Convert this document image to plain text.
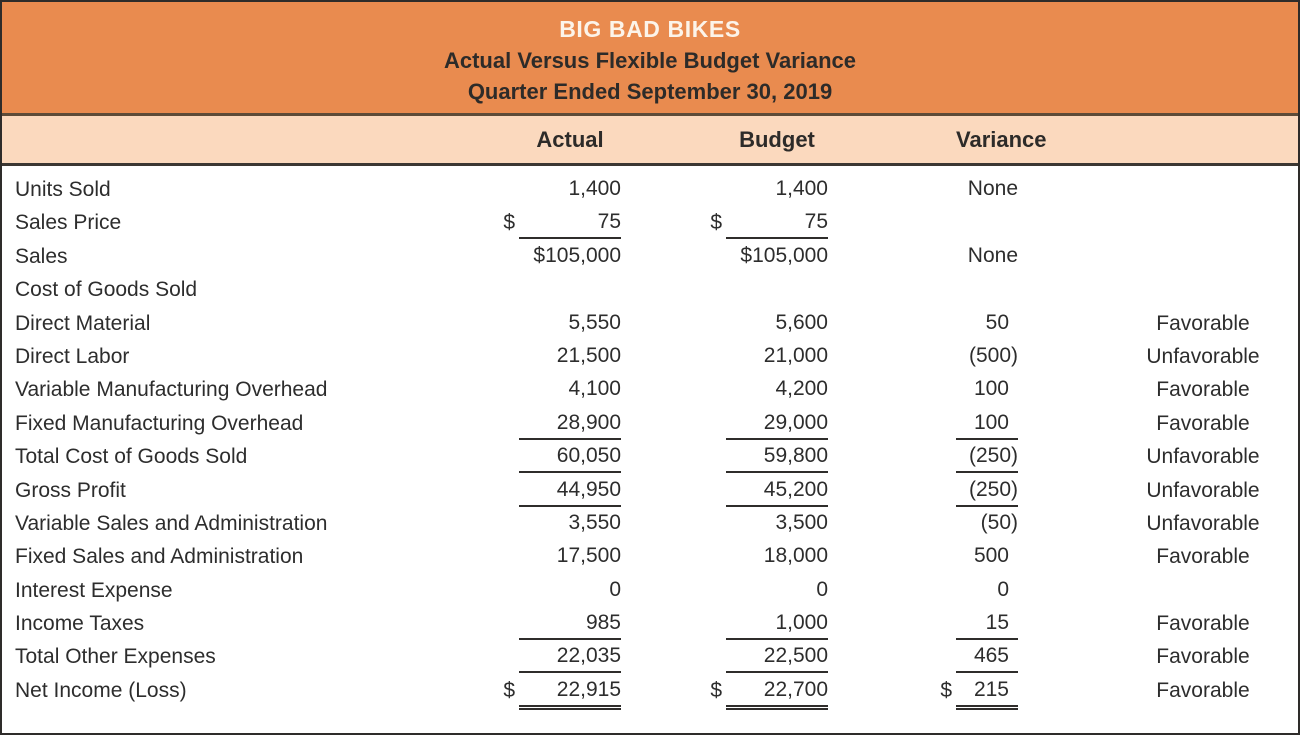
BIG BAD BIKES
Actual Versus Flexible Budget Variance
Quarter Ended September 30, 2019
Actual	Budget	Variance
Units Sold	1,400	1,400	None
Sales Price	$	75	$	75
Sales	$105,000	$105,000	None
Cost of Goods Sold
Direct Material	5,550	5,600	50	Favorable
Direct Labor	21,500	21,000	(500)	Unfavorable
Variable Manufacturing Overhead	4,100	4,200	100	Favorable
Fixed Manufacturing Overhead	28,900	29,000	100	Favorable
Total Cost of Goods Sold	60,050	59,800	(250)	Unfavorable
Gross Profit	44,950	45,200	(250)	Unfavorable
Variable Sales and Administration	3,550	3,500	(50)	Unfavorable
Fixed Sales and Administration	17,500	18,000	500	Favorable
Interest Expense	0	0	0
Income Taxes	985	1,000	15	Favorable
Total Other Expenses	22,035	22,500	465	Favorable
Net Income (Loss)	$	22,915	$	22,700	$	215	Favorable
